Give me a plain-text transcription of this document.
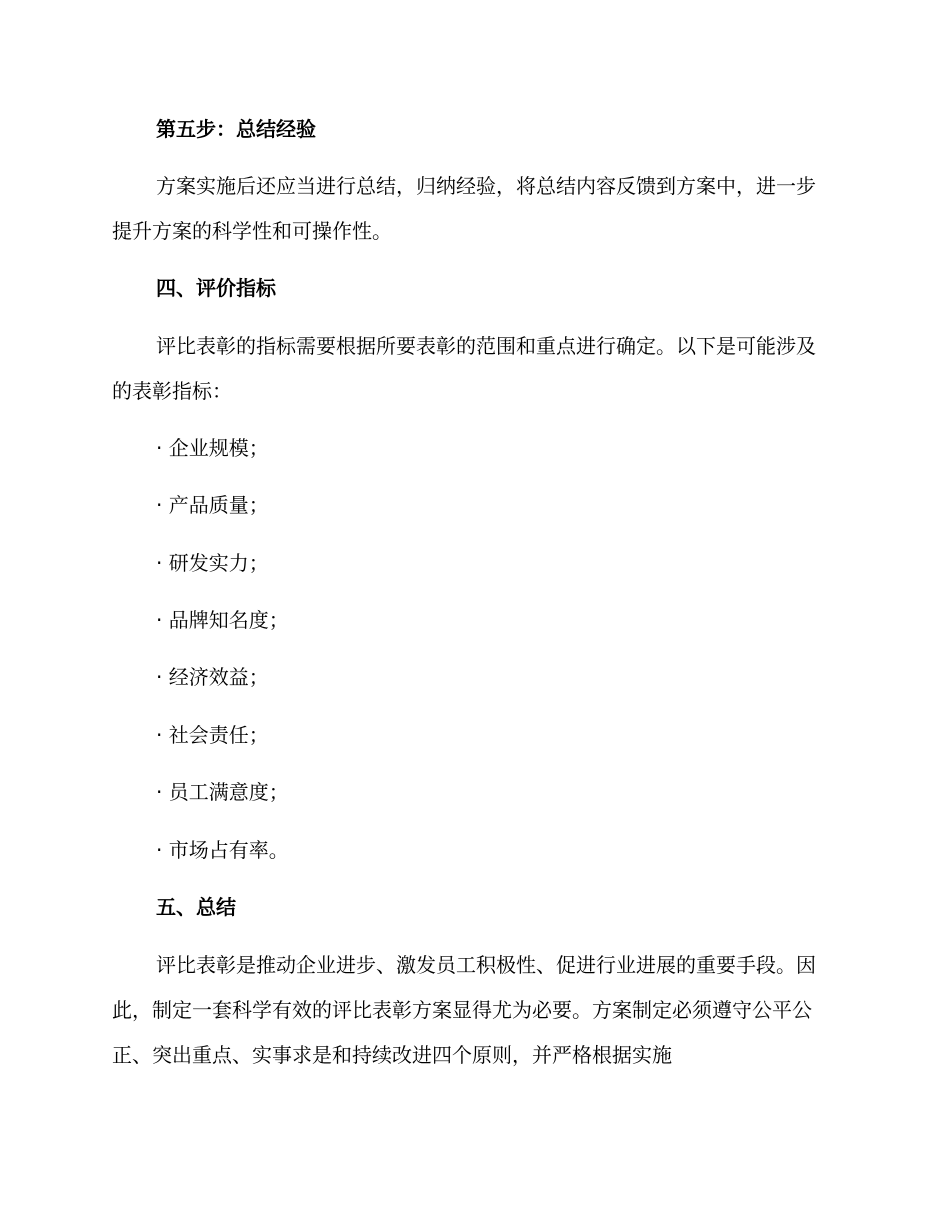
第五步：总结经验

方案实施后还应当进行总结，归纳经验，将总结内容反馈到方案中，进一步提升方案的科学性和可操作性。

四、评价指标

评比表彰的指标需要根据所要表彰的范围和重点进行确定。以下是可能涉及的表彰指标：

· 企业规模；

· 产品质量；

· 研发实力；

· 品牌知名度；

· 经济效益；

· 社会责任；

· 员工满意度；

· 市场占有率。

五、总结

评比表彰是推动企业进步、激发员工积极性、促进行业进展的重要手段。因此，制定一套科学有效的评比表彰方案显得尤为必要。方案制定必须遵守公平公正、突出重点、实事求是和持续改进四个原则，并严格根据实施
